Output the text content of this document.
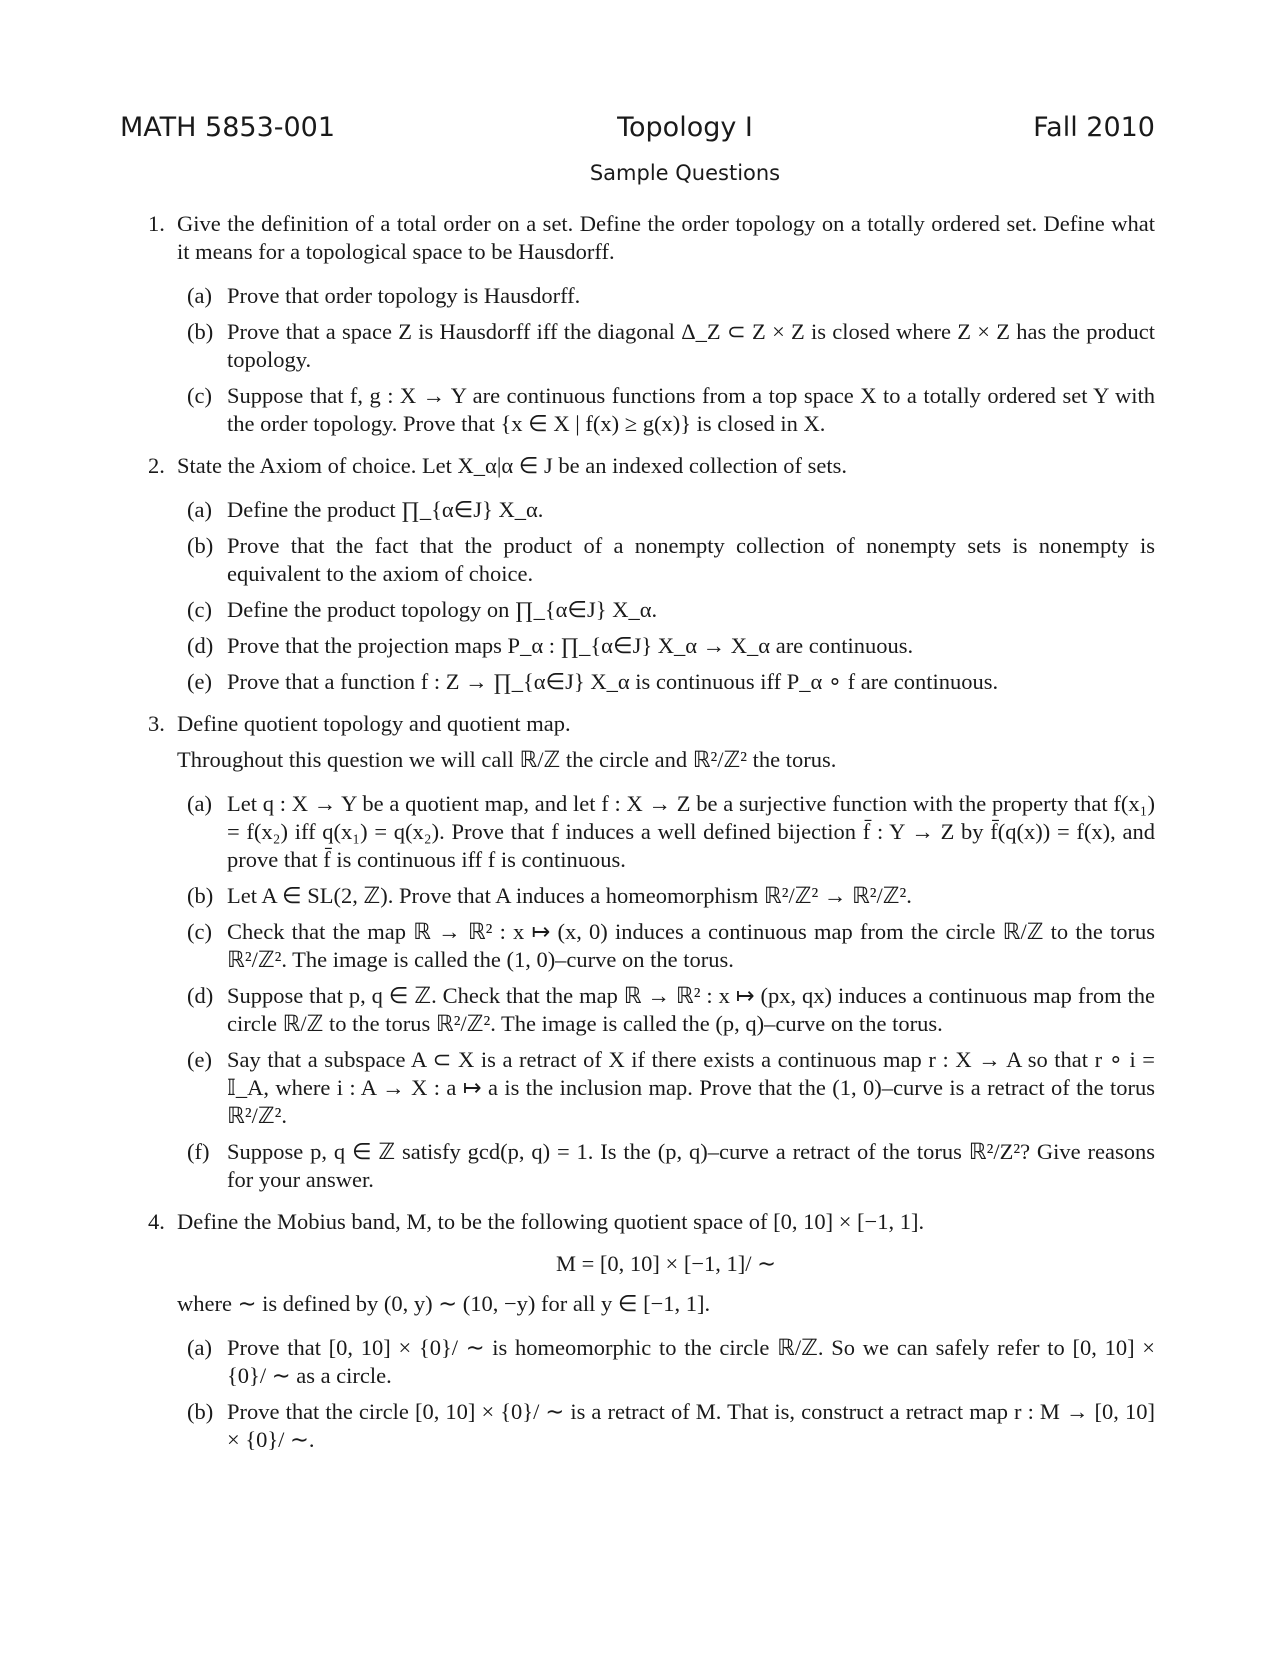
MATH 5853-001	Topology I	Fall 2010
Sample Questions
1. Give the definition of a total order on a set. Define the order topology on a totally ordered set. Define what it means for a topological space to be Hausdorff.
(a) Prove that order topology is Hausdorff.
(b) Prove that a space Z is Hausdorff iff the diagonal Δ_Z ⊂ Z × Z is closed where Z × Z has the product topology.
(c) Suppose that f, g : X → Y are continuous functions from a top space X to a totally ordered set Y with the order topology. Prove that {x ∈ X | f(x) ≥ g(x)} is closed in X.
2. State the Axiom of choice. Let X_α|α ∈ J be an indexed collection of sets.
(a) Define the product ∏_{α∈J} X_α.
(b) Prove that the fact that the product of a nonempty collection of nonempty sets is nonempty is equivalent to the axiom of choice.
(c) Define the product topology on ∏_{α∈J} X_α.
(d) Prove that the projection maps P_α : ∏_{α∈J} X_α → X_α are continuous.
(e) Prove that a function f : Z → ∏_{α∈J} X_α is continuous iff P_α ∘ f are continuous.
3. Define quotient topology and quotient map.
Throughout this question we will call ℝ/ℤ the circle and ℝ²/ℤ² the torus.
(a) Let q : X → Y be a quotient map, and let f : X → Z be a surjective function with the property that f(x₁) = f(x₂) iff q(x₁) = q(x₂). Prove that f induces a well defined bijection f̄ : Y → Z by f̄(q(x)) = f(x), and prove that f̄ is continuous iff f is continuous.
(b) Let A ∈ SL(2, ℤ). Prove that A induces a homeomorphism ℝ²/ℤ² → ℝ²/ℤ².
(c) Check that the map ℝ → ℝ² : x ↦ (x, 0) induces a continuous map from the circle ℝ/ℤ to the torus ℝ²/ℤ². The image is called the (1, 0)–curve on the torus.
(d) Suppose that p, q ∈ ℤ. Check that the map ℝ → ℝ² : x ↦ (px, qx) induces a continuous map from the circle ℝ/ℤ to the torus ℝ²/ℤ². The image is called the (p, q)–curve on the torus.
(e) Say that a subspace A ⊂ X is a retract of X if there exists a continuous map r : X → A so that r ∘ i = 𝕀_A, where i : A → X : a ↦ a is the inclusion map. Prove that the (1, 0)–curve is a retract of the torus ℝ²/ℤ².
(f) Suppose p, q ∈ ℤ satisfy gcd(p, q) = 1. Is the (p, q)–curve a retract of the torus ℝ²/Z²? Give reasons for your answer.
4. Define the Mobius band, M, to be the following quotient space of [0, 10] × [−1, 1].
M = [0, 10] × [−1, 1]/ ∼
where ∼ is defined by (0, y) ∼ (10, −y) for all y ∈ [−1, 1].
(a) Prove that [0, 10] × {0}/ ∼ is homeomorphic to the circle ℝ/ℤ. So we can safely refer to [0, 10] × {0}/ ∼ as a circle.
(b) Prove that the circle [0, 10] × {0}/ ∼ is a retract of M. That is, construct a retract map r : M → [0, 10] × {0}/ ∼.
